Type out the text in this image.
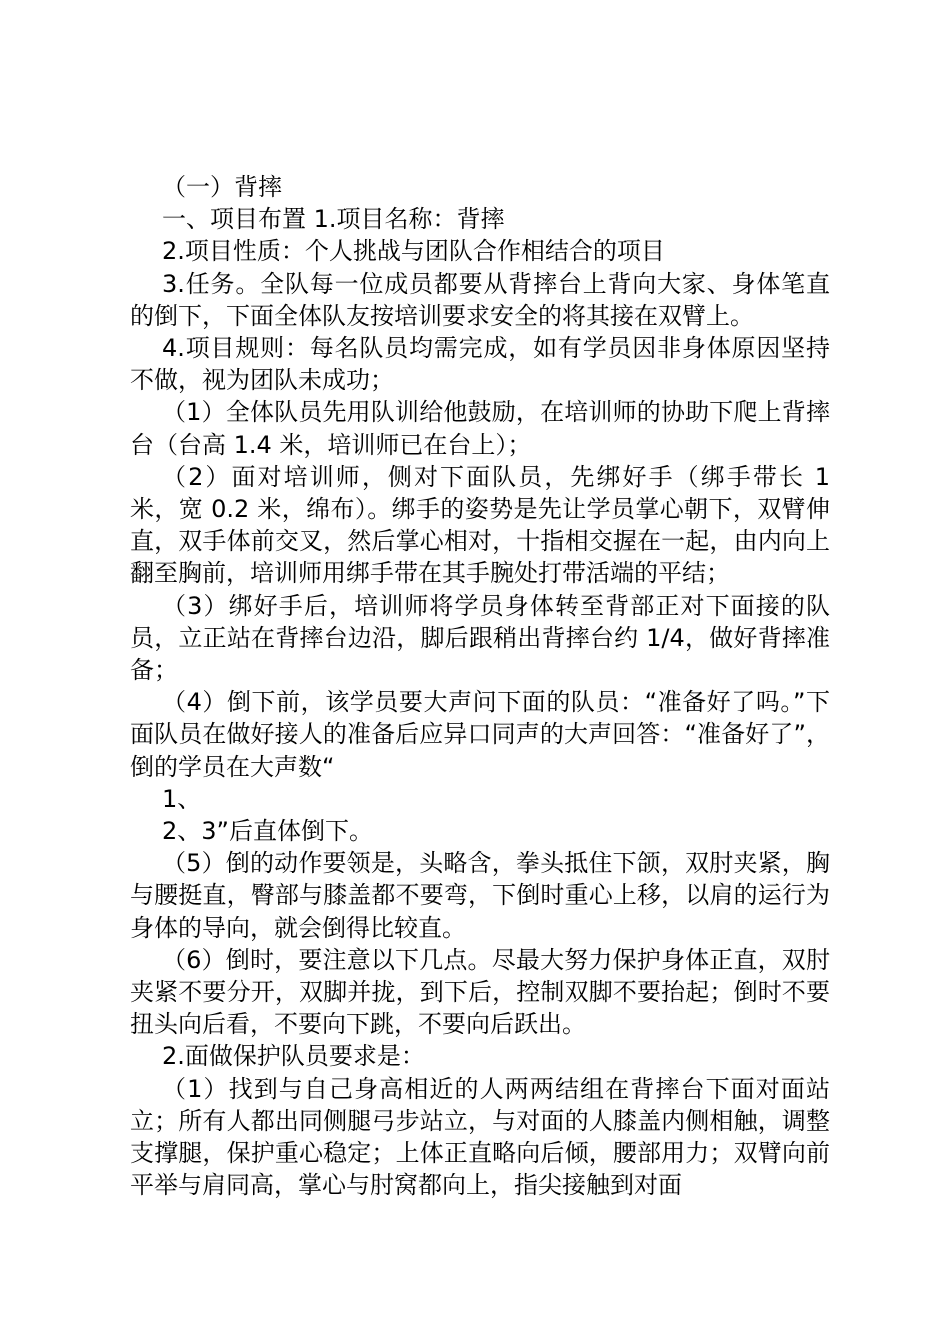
（一）背摔

一、项目布置 1.项目名称：背摔

2.项目性质：个人挑战与团队合作相结合的项目

3.任务。全队每一位成员都要从背摔台上背向大家、身体笔直的倒下，下面全体队友按培训要求安全的将其接在双臂上。

4.项目规则：每名队员均需完成，如有学员因非身体原因坚持不做，视为团队未成功；

（1）全体队员先用队训给他鼓励，在培训师的协助下爬上背摔台（台高 1.4 米，培训师已在台上）；

（2）面对培训师，侧对下面队员，先绑好手（绑手带长 1 米，宽 0.2 米，绵布）。绑手的姿势是先让学员掌心朝下，双臂伸直，双手体前交叉，然后掌心相对，十指相交握在一起，由内向上翻至胸前，培训师用绑手带在其手腕处打带活端的平结；

（3）绑好手后，培训师将学员身体转至背部正对下面接的队员，立正站在背摔台边沿，脚后跟稍出背摔台约 1/4，做好背摔准备；

（4）倒下前，该学员要大声问下面的队员：“准备好了吗。”下面队员在做好接人的准备后应异口同声的大声回答：“准备好了”，倒的学员在大声数“

1、

2、3”后直体倒下。

（5）倒的动作要领是，头略含，拳头抵住下颌，双肘夹紧，胸与腰挺直，臀部与膝盖都不要弯，下倒时重心上移，以肩的运行为身体的导向，就会倒得比较直。

（6）倒时，要注意以下几点。尽最大努力保护身体正直，双肘夹紧不要分开，双脚并拢，到下后，控制双脚不要抬起；倒时不要扭头向后看，不要向下跳，不要向后跃出。

2.面做保护队员要求是：

（1）找到与自己身高相近的人两两结组在背摔台下面对面站立；所有人都出同侧腿弓步站立，与对面的人膝盖内侧相触，调整支撑腿，保护重心稳定；上体正直略向后倾，腰部用力；双臂向前平举与肩同高，掌心与肘窝都向上，指尖接触到对面
